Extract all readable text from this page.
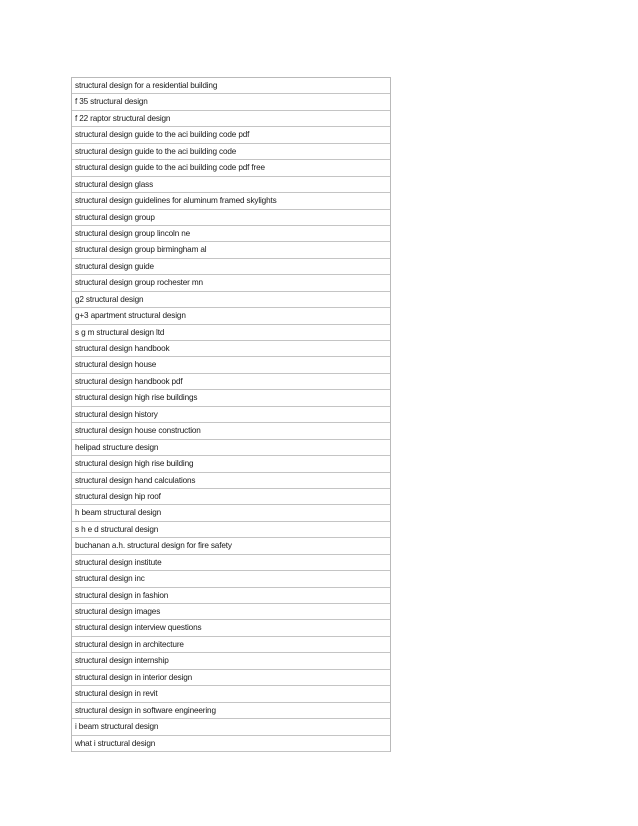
structural design for a residential building
f 35 structural design
f 22 raptor structural design
structural design guide to the aci building code pdf
structural design guide to the aci building code
structural design guide to the aci building code pdf free
structural design glass
structural design guidelines for aluminum framed skylights
structural design group
structural design group lincoln ne
structural design group birmingham al
structural design guide
structural design group rochester mn
g2 structural design
g+3 apartment structural design
s g m structural design ltd
structural design handbook
structural design house
structural design handbook pdf
structural design high rise buildings
structural design history
structural design house construction
helipad structure design
structural design high rise building
structural design hand calculations
structural design hip roof
h beam structural design
s h e d structural design
buchanan a.h. structural design for fire safety
structural design institute
structural design inc
structural design in fashion
structural design images
structural design interview questions
structural design in architecture
structural design internship
structural design in interior design
structural design in revit
structural design in software engineering
i beam structural design
what i structural design
